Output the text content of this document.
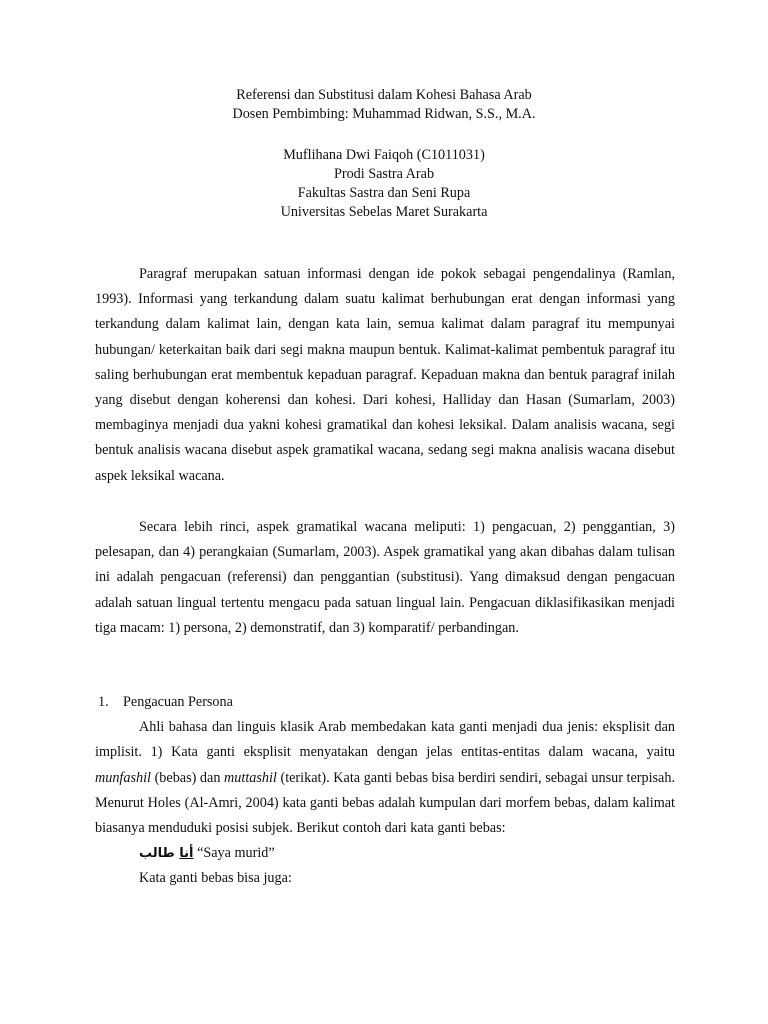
Referensi dan Substitusi dalam Kohesi Bahasa Arab
Dosen Pembimbing: Muhammad Ridwan, S.S., M.A.
Muflihana Dwi Faiqoh (C1011031)
Prodi Sastra Arab
Fakultas Sastra dan Seni Rupa
Universitas Sebelas Maret Surakarta

Paragraf merupakan satuan informasi dengan ide pokok sebagai pengendalinya (Ramlan, 1993). Informasi yang terkandung dalam suatu kalimat berhubungan erat dengan informasi yang terkandung dalam kalimat lain, dengan kata lain, semua kalimat dalam paragraf itu mempunyai hubungan/ keterkaitan baik dari segi makna maupun bentuk. Kalimat-kalimat pembentuk paragraf itu saling berhubungan erat membentuk kepaduan paragraf. Kepaduan makna dan bentuk paragraf inilah yang disebut dengan koherensi dan kohesi. Dari kohesi, Halliday dan Hasan (Sumarlam, 2003) membaginya menjadi dua yakni kohesi gramatikal dan kohesi leksikal. Dalam analisis wacana, segi bentuk analisis wacana disebut aspek gramatikal wacana, sedang segi makna analisis wacana disebut aspek leksikal wacana.

Secara lebih rinci, aspek gramatikal wacana meliputi: 1) pengacuan, 2) penggantian, 3) pelesapan, dan 4) perangkaian (Sumarlam, 2003). Aspek gramatikal yang akan dibahas dalam tulisan ini adalah pengacuan (referensi) dan penggantian (substitusi). Yang dimaksud dengan pengacuan adalah satuan lingual tertentu mengacu pada satuan lingual lain. Pengacuan diklasifikasikan menjadi tiga macam: 1) persona, 2) demonstratif, dan 3) komparatif/ perbandingan.

1. Pengacuan Persona

Ahli bahasa dan linguis klasik Arab membedakan kata ganti menjadi dua jenis: eksplisit dan implisit. 1) Kata ganti eksplisit menyatakan dengan jelas entitas-entitas dalam wacana, yaitu munfashil (bebas) dan muttashil (terikat). Kata ganti bebas bisa berdiri sendiri, sebagai unsur terpisah. Menurut Holes (Al-Amri, 2004) kata ganti bebas adalah kumpulan dari morfem bebas, dalam kalimat biasanya menduduki posisi subjek. Berikut contoh dari kata ganti bebas:

أنا طالب “Saya murid”

Kata ganti bebas bisa juga:
